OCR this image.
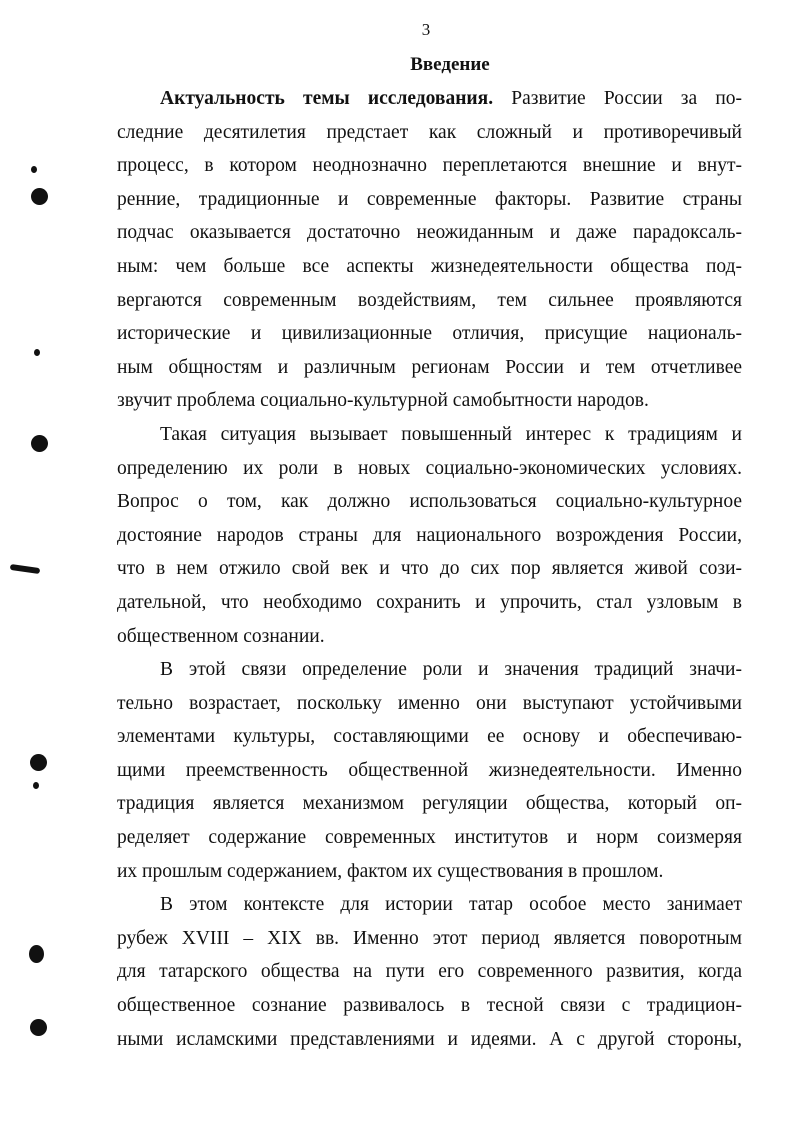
3
Введение
Актуальность темы исследования. Развитие России за по-
следние десятилетия предстает как сложный и противоречивый
процесс, в котором неоднозначно переплетаются внешние и внут-
ренние, традиционные и современные факторы. Развитие страны
подчас оказывается достаточно неожиданным и даже парадоксаль-
ным: чем больше все аспекты жизнедеятельности общества под-
вергаются современным воздействиям, тем сильнее проявляются
исторические и цивилизационные отличия, присущие националь-
ным общностям и различным регионам России и тем отчетливее
звучит проблема социально-культурной самобытности народов.
Такая ситуация вызывает повышенный интерес к традициям и
определению их роли в новых социально-экономических условиях.
Вопрос о том, как должно использоваться социально-культурное
достояние народов страны для национального возрождения России,
что в нем отжило свой век и что до сих пор является живой сози-
дательной, что необходимо сохранить и упрочить, стал узловым в
общественном сознании.
В этой связи определение роли и значения традиций значи-
тельно возрастает, поскольку именно они выступают устойчивыми
элементами культуры, составляющими ее основу и обеспечиваю-
щими преемственность общественной жизнедеятельности. Именно
традиция является механизмом регуляции общества, который оп-
ределяет содержание современных институтов и норм соизмеряя
их прошлым содержанием, фактом их существования в прошлом.
В этом контексте для истории татар особое место занимает
рубеж XVIII – XIX вв. Именно этот период является поворотным
для татарского общества на пути его современного развития, когда
общественное сознание развивалось в тесной связи с традицион-
ными исламскими представлениями и идеями. А с другой стороны,
